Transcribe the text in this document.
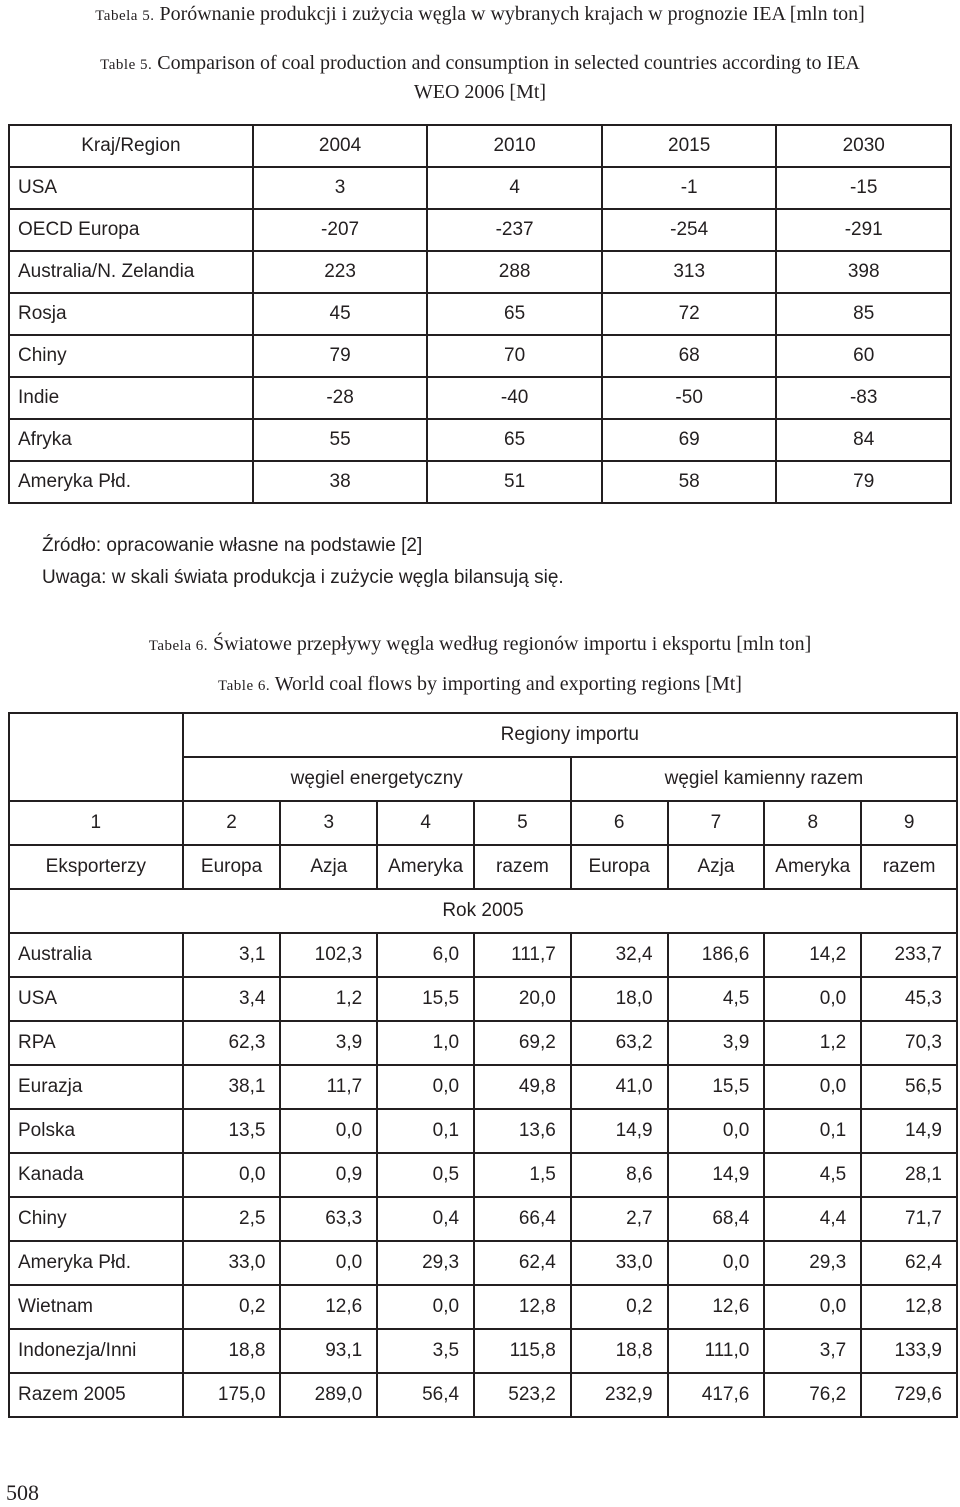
Tabela 5. Porównanie produkcji i zużycia węgla w wybranych krajach w prognozie IEA [mln ton]
Table 5. Comparison of coal production and consumption in selected countries according to IEA
WEO 2006 [Mt]
Kraj/Region	2004	2010	2015	2030
USA	3	4	-1	-15
OECD Europa	-207	-237	-254	-291
Australia/N. Zelandia	223	288	313	398
Rosja	45	65	72	85
Chiny	79	70	68	60
Indie	-28	-40	-50	-83
Afryka	55	65	69	84
Ameryka Płd.	38	51	58	79
Źródło: opracowanie własne na podstawie [2]
Uwaga: w skali świata produkcja i zużycie węgla bilansują się.
Tabela 6. Światowe przepływy węgla według regionów importu i eksportu [mln ton]
Table 6. World coal flows by importing and exporting regions [Mt]
	Regiony importu							
	węgiel energetyczny				węgiel kamienny razem			
1	2	3	4	5	6	7	8	9
Eksporterzy	Europa	Azja	Ameryka	razem	Europa	Azja	Ameryka	razem
Rok 2005								
Australia	3,1	102,3	6,0	111,7	32,4	186,6	14,2	233,7
USA	3,4	1,2	15,5	20,0	18,0	4,5	0,0	45,3
RPA	62,3	3,9	1,0	69,2	63,2	3,9	1,2	70,3
Eurazja	38,1	11,7	0,0	49,8	41,0	15,5	0,0	56,5
Polska	13,5	0,0	0,1	13,6	14,9	0,0	0,1	14,9
Kanada	0,0	0,9	0,5	1,5	8,6	14,9	4,5	28,1
Chiny	2,5	63,3	0,4	66,4	2,7	68,4	4,4	71,7
Ameryka Płd.	33,0	0,0	29,3	62,4	33,0	0,0	29,3	62,4
Wietnam	0,2	12,6	0,0	12,8	0,2	12,6	0,0	12,8
Indonezja/Inni	18,8	93,1	3,5	115,8	18,8	111,0	3,7	133,9
Razem 2005	175,0	289,0	56,4	523,2	232,9	417,6	76,2	729,6
508
